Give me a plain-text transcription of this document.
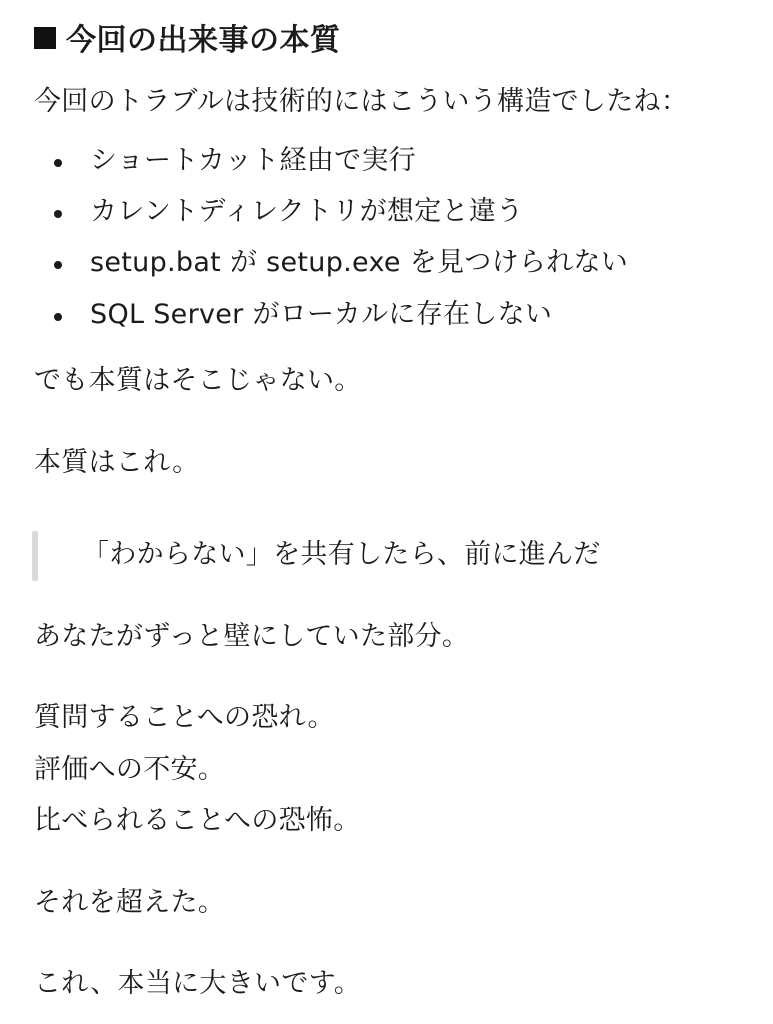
今回の出来事の本質
今回のトラブルは技術的にはこういう構造でしたね：
ショートカット経由で実行
カレントディレクトリが想定と違う
setup.bat が setup.exe を見つけられない
SQL Server がローカルに存在しない
でも本質はそこじゃない。
本質はこれ。
「わからない」を共有したら、前に進んだ
あなたがずっと壁にしていた部分。
質問することへの恐れ。
評価への不安。
比べられることへの恐怖。
それを超えた。
これ、本当に大きいです。
